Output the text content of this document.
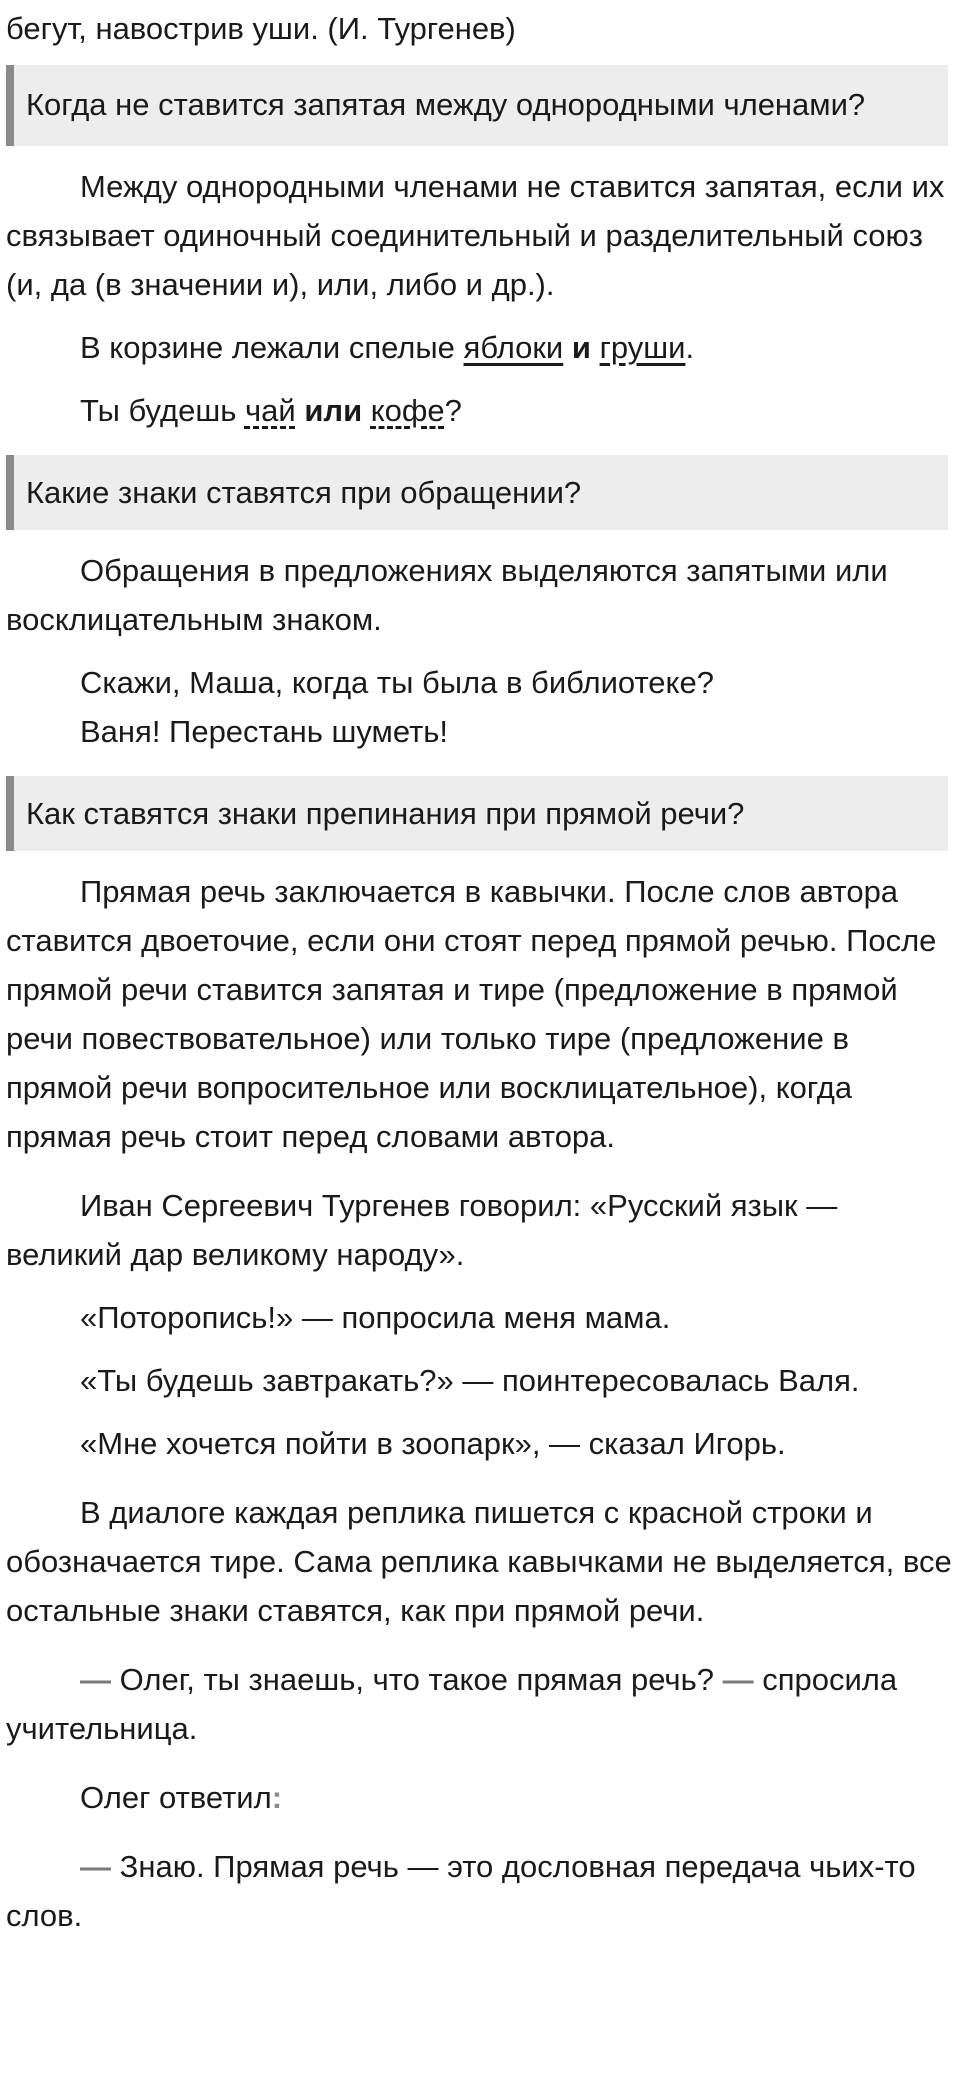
бегут, навострив уши. (И. Тургенев)

Когда не ставится запятая между однородными членами?

Между однородными членами не ставится запятая, если их связывает одиночный соединительный и разделительный союз (и, да (в значении и), или, либо и др.).

В корзине лежали спелые яблоки и груши.

Ты будешь чай или кофе?

Какие знаки ставятся при обращении?

Обращения в предложениях выделяются запятыми или восклицательным знаком.

Скажи, Маша, когда ты была в библиотеке?

Ваня! Перестань шуметь!

Как ставятся знаки препинания при прямой речи?

Прямая речь заключается в кавычки. После слов автора ставится двоеточие, если они стоят перед прямой речью. После прямой речи ставится запятая и тире (предложение в прямой речи повествовательное) или только тире (предложение в прямой речи вопросительное или восклицательное), когда прямая речь стоит перед словами автора.

Иван Сергеевич Тургенев говорил: «Русский язык — великий дар великому народу».

«Поторопись!» — попросила меня мама.

«Ты будешь завтракать?» — поинтересовалась Валя.

«Мне хочется пойти в зоопарк», — сказал Игорь.

В диалоге каждая реплика пишется с красной строки и обозначается тире. Сама реплика кавычками не выделяется, все остальные знаки ставятся, как при прямой речи.

— Олег, ты знаешь, что такое прямая речь? — спросила учительница.

Олег ответил:

— Знаю. Прямая речь — это дословная передача чьих-то слов.
